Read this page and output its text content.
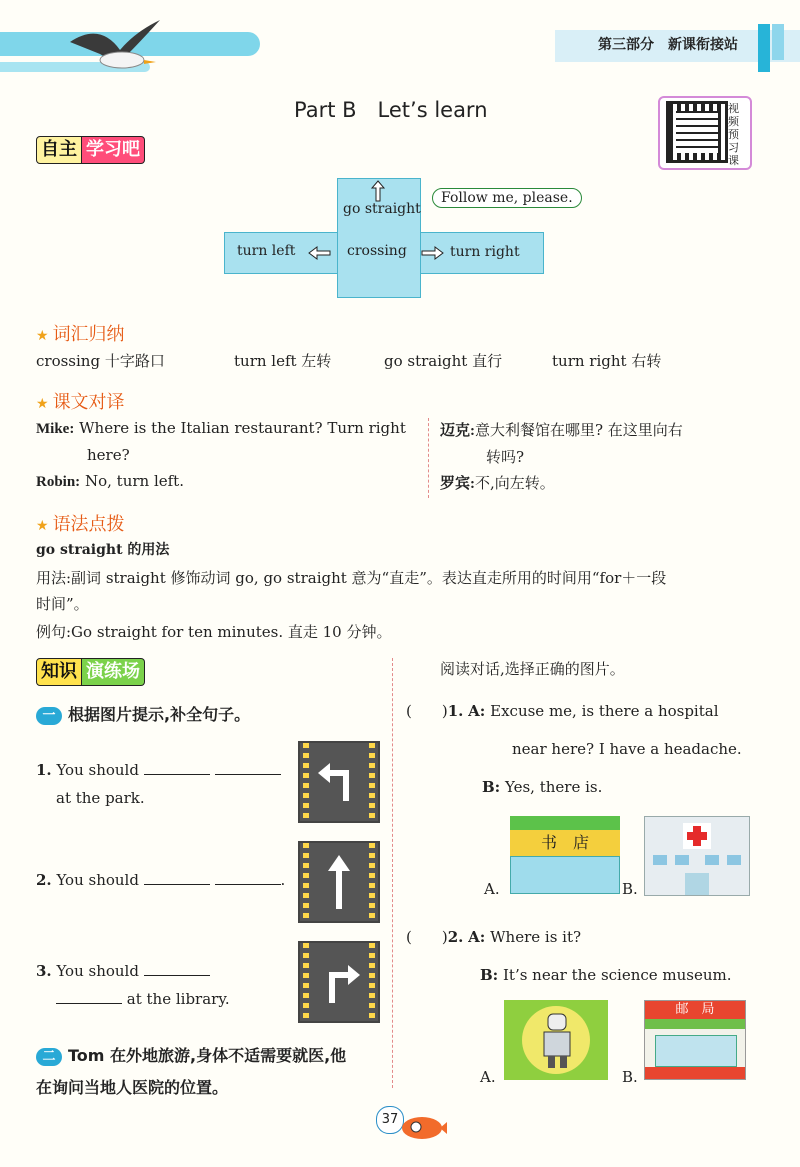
第三部分　新课衔接站
Part B　Let’s learn	视频预习课
自主 学习吧
go straight
turn left	crossing	turn right
Follow me, please.
★ 词汇归纳
crossing 十字路口	turn left 左转	go straight 直行	turn right 右转
★ 课文对译
Mike: Where is the Italian restaurant? Turn right
here?
Robin: No, turn left.
迈克:意大利餐馆在哪里? 在这里向右
转吗?
罗宾:不,向左转。
★ 语法点拨
go straight 的用法
用法:副词 straight 修饰动词 go, go straight 意为“直走”。表达直走所用的时间用“for＋一段
时间”。
例句:Go straight for ten minutes. 直走 10 分钟。
知识 演练场
一 根据图片提示,补全句子。
1. You should
at the park.
2. You should	.
3. You should
at the library.
二 Tom 在外地旅游,身体不适需要就医,他
在询问当地人医院的位置。
阅读对话,选择正确的图片。
(　　)1. A: Excuse me, is there a hospital
near here? I have a headache.
B: Yes, there is.
A.
书　店
B.
(　　)2. A: Where is it?
B: It’s near the science museum.
A.	B.
邮　局
37
